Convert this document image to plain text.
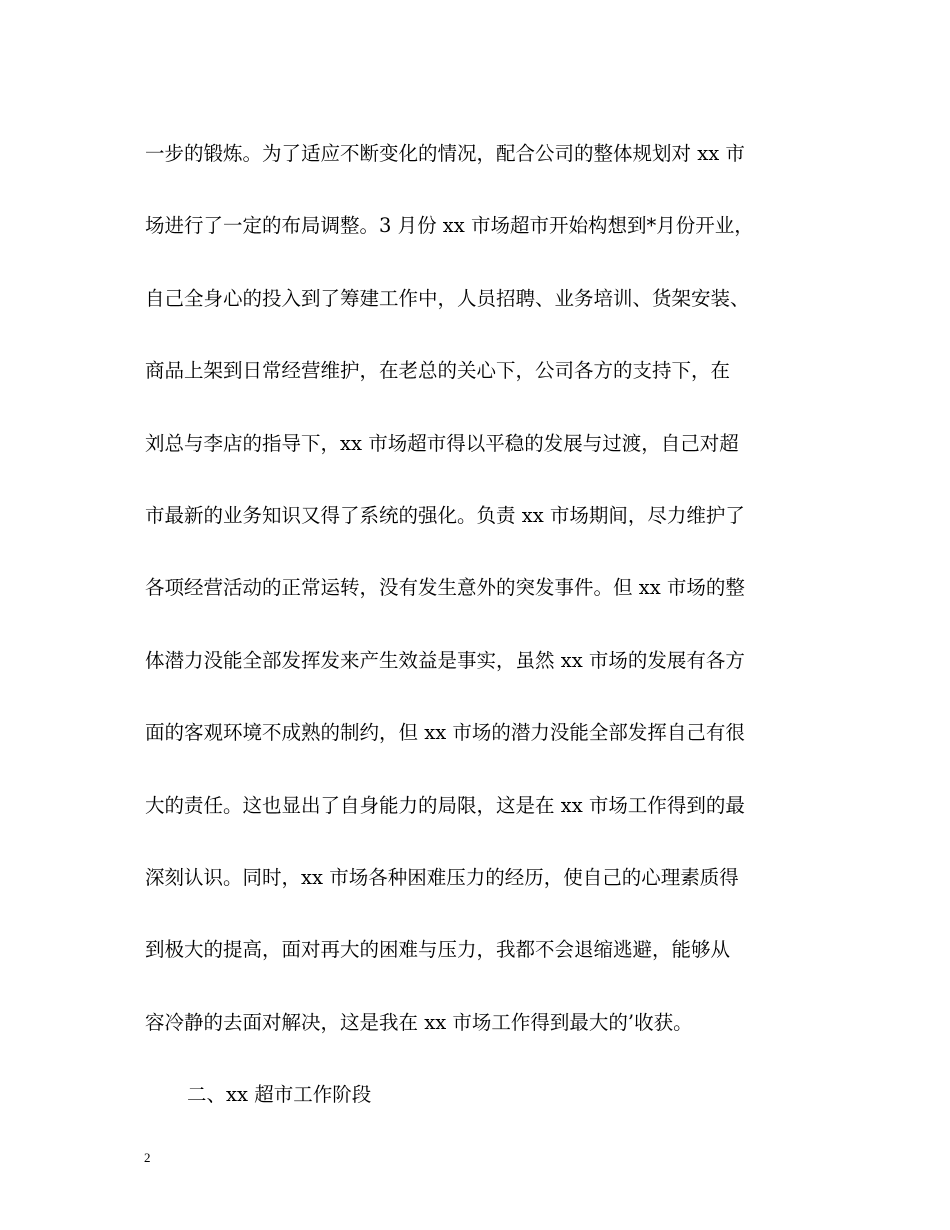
一步的锻炼。为了适应不断变化的情况，配合公司的整体规划对 xx 市
场进行了一定的布局调整。3 月份 xx 市场超市开始构想到*月份开业，
自己全身心的投入到了筹建工作中，人员招聘、业务培训、货架安装、
商品上架到日常经营维护，在老总的关心下，公司各方的支持下，在
刘总与李店的指导下，xx 市场超市得以平稳的发展与过渡，自己对超
市最新的业务知识又得了系统的强化。负责 xx 市场期间，尽力维护了
各项经营活动的正常运转，没有发生意外的突发事件。但 xx 市场的整
体潜力没能全部发挥发来产生效益是事实，虽然 xx 市场的发展有各方
面的客观环境不成熟的制约，但 xx 市场的潜力没能全部发挥自己有很
大的责任。这也显出了自身能力的局限，这是在 xx 市场工作得到的最
深刻认识。同时，xx 市场各种困难压力的经历，使自己的心理素质得
到极大的提高，面对再大的困难与压力，我都不会退缩逃避，能够从
容冷静的去面对解决，这是我在 xx 市场工作得到最大的’收获。
二、xx 超市工作阶段
2
